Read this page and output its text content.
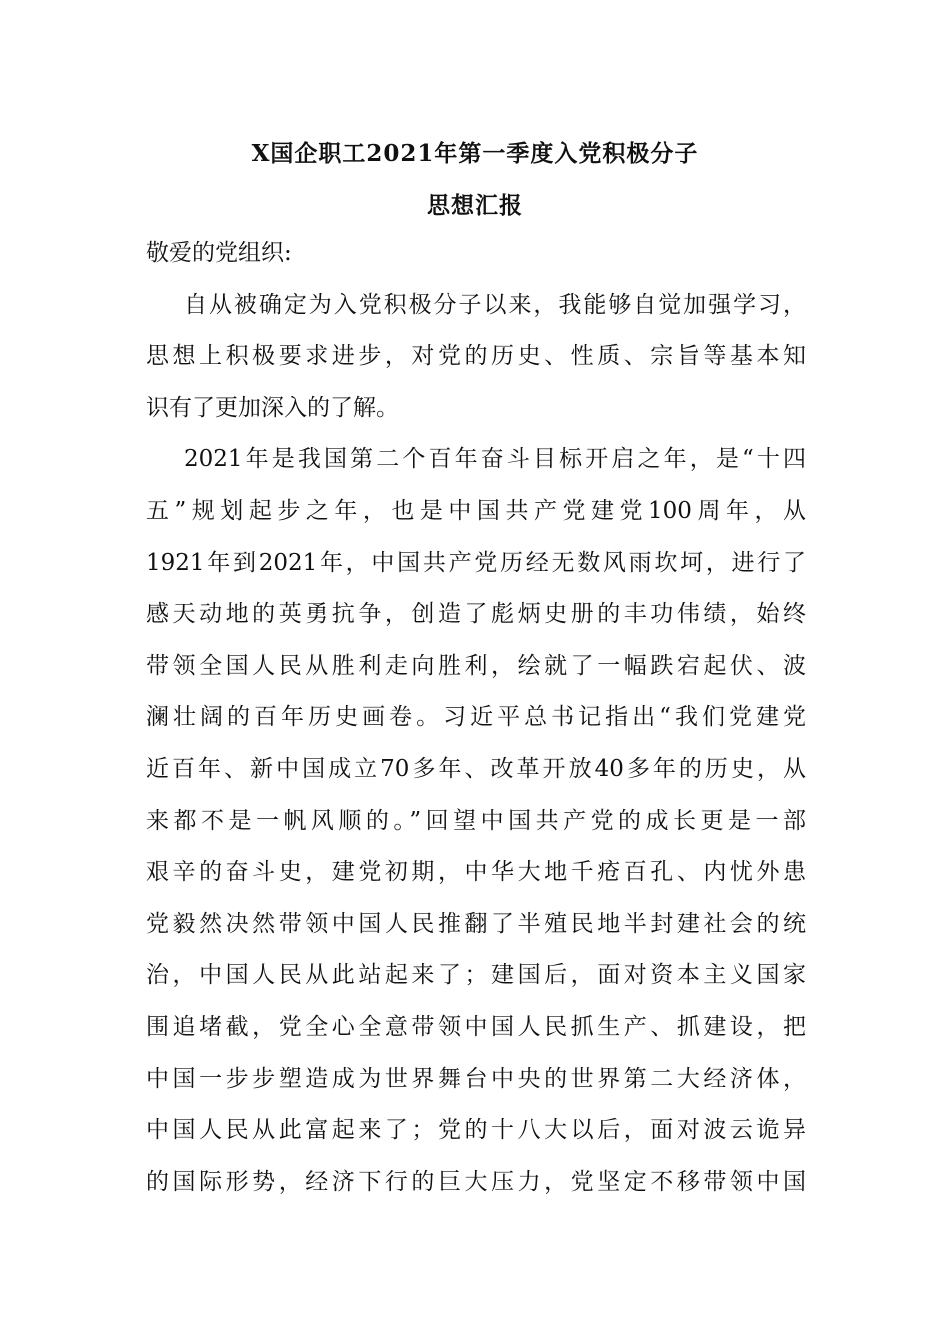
X国企职工2021年第一季度入党积极分子
思想汇报
敬爱的党组织:
自从被确定为入党积极分子以来，我能够自觉加强学习，
思想上积极要求进步，对党的历史、性质、宗旨等基本知
识有了更加深入的了解。
2021年是我国第二个百年奋斗目标开启之年，是“十四
五”规划起步之年，也是中国共产党建党100周年，从
1921年到2021年，中国共产党历经无数风雨坎坷，进行了
感天动地的英勇抗争，创造了彪炳史册的丰功伟绩，始终
带领全国人民从胜利走向胜利，绘就了一幅跌宕起伏、波
澜壮阔的百年历史画卷。习近平总书记指出“我们党建党
近百年、新中国成立70多年、改革开放40多年的历史，从
来都不是一帆风顺的。”回望中国共产党的成长更是一部
艰辛的奋斗史，建党初期，中华大地千疮百孔、内忧外患
党毅然决然带领中国人民推翻了半殖民地半封建社会的统
治，中国人民从此站起来了；建国后，面对资本主义国家
围追堵截，党全心全意带领中国人民抓生产、抓建设，把
中国一步步塑造成为世界舞台中央的世界第二大经济体，
中国人民从此富起来了；党的十八大以后，面对波云诡异
的国际形势，经济下行的巨大压力，党坚定不移带领中国
